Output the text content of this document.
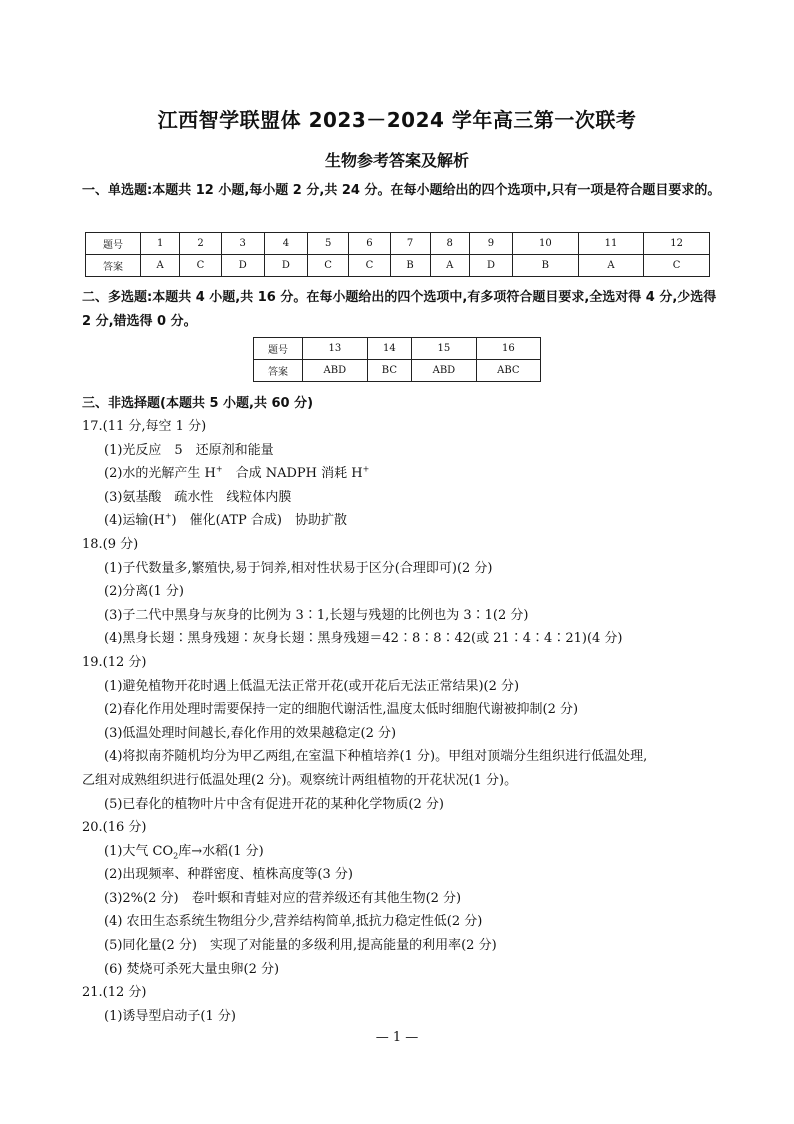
江西智学联盟体 2023－2024 学年高三第一次联考
生物参考答案及解析
一、单选题:本题共 12 小题,每小题 2 分,共 24 分。在每小题给出的四个选项中,只有一项是符合题目要求的。
题号	1	2	3	4	5	6	7	8	9	10	11	12
答案	A	C	D	D	C	C	B	A	D	B	A	C
二、多选题:本题共 4 小题,共 16 分。在每小题给出的四个选项中,有多项符合题目要求,全选对得 4 分,少选得 2 分,错选得 0 分。
题号	13	14	15	16
答案	ABD	BC	ABD	ABC
三、非选择题(本题共 5 小题,共 60 分)
17.(11 分,每空 1 分)
(1)光反应　5　还原剂和能量
(2)水的光解产生 H+　合成 NADPH 消耗 H+
(3)氨基酸　疏水性　线粒体内膜
(4)运输(H+)　催化(ATP 合成)　协助扩散
18.(9 分)
(1)子代数量多,繁殖快,易于饲养,相对性状易于区分(合理即可)(2 分)
(2)分离(1 分)
(3)子二代中黑身与灰身的比例为 3∶1,长翅与残翅的比例也为 3∶1(2 分)
(4)黑身长翅∶黑身残翅∶灰身长翅∶黑身残翅＝42∶8∶8∶42(或 21∶4∶4∶21)(4 分)
19.(12 分)
(1)避免植物开花时遇上低温无法正常开花(或开花后无法正常结果)(2 分)
(2)春化作用处理时需要保持一定的细胞代谢活性,温度太低时细胞代谢被抑制(2 分)
(3)低温处理时间越长,春化作用的效果越稳定(2 分)
(4)将拟南芥随机均分为甲乙两组,在室温下种植培养(1 分)。甲组对顶端分生组织进行低温处理,
乙组对成熟组织进行低温处理(2 分)。观察统计两组植物的开花状况(1 分)。
(5)已春化的植物叶片中含有促进开花的某种化学物质(2 分)
20.(16 分)
(1)大气 $CO_2$库→水稻(1 分)
(2)出现频率、种群密度、植株高度等(3 分)
(3)2%(2 分)　卷叶螟和青蛙对应的营养级还有其他生物(2 分)
(4) 农田生态系统生物组分少,营养结构简单,抵抗力稳定性低(2 分)
(5)同化量(2 分)　实现了对能量的多级利用,提高能量的利用率(2 分)
(6) 焚烧可杀死大量虫卵(2 分)
21.(12 分)
(1)诱导型启动子(1 分)
— 1 —
